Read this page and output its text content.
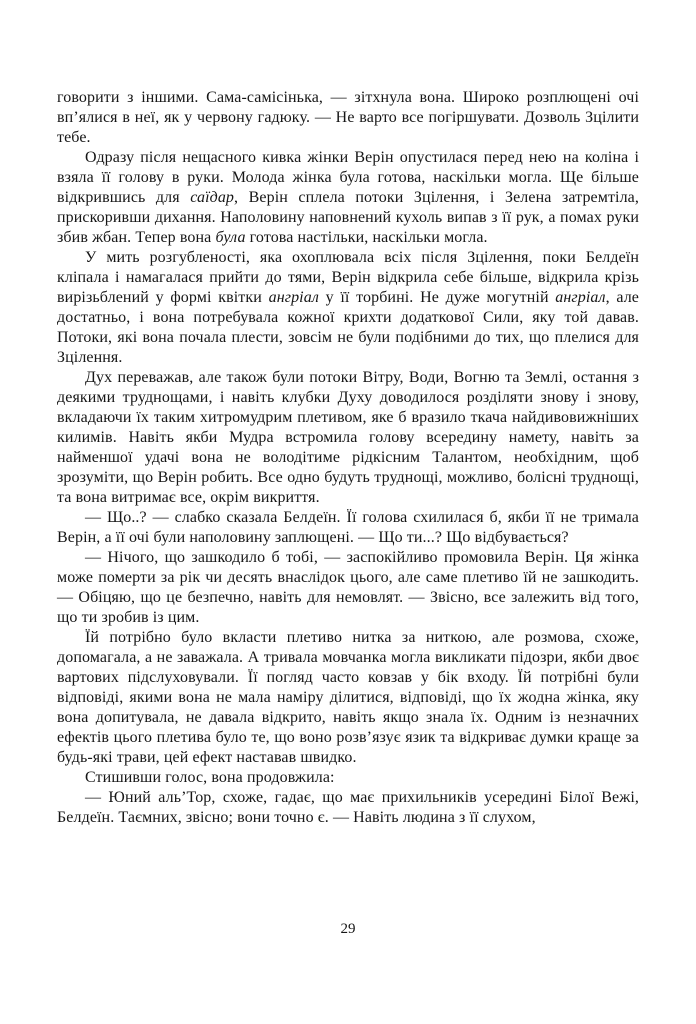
говорити з іншими. Сама-самісінька, — зітхнула вона. Широко розплющені очі вп’ялися в неї, як у червону гадюку. — Не варто все погіршувати. Дозволь Зцілити тебе.

Одразу після нещасного кивка жінки Верін опустилася перед нею на коліна і взяла її голову в руки. Молода жінка була готова, наскільки могла. Ще більше відкрившись для саїдар, Верін сплела потоки Зцілення, і Зелена затремтіла, прискоривши дихання. Наполовину наповнений кухоль випав з її рук, а помах руки збив жбан. Тепер вона була готова настільки, наскільки могла.

У мить розгубленості, яка охоплювала всіх після Зцілення, поки Белдеїн кліпала і намагалася прийти до тями, Верін відкрила себе більше, відкрила крізь вирізьблений у формі квітки ангріал у її торбині. Не дуже могутній ангріал, але достатньо, і вона потребувала кожної крихти додаткової Сили, яку той давав. Потоки, які вона почала плести, зовсім не були подібними до тих, що плелися для Зцілення.

Дух переважав, але також були потоки Вітру, Води, Вогню та Землі, остання з деякими труднощами, і навіть клубки Духу доводилося розділяти знову і знову, вкладаючи їх таким хитромудрим плетивом, яке б вразило ткача найдивовижніших килимів. Навіть якби Мудра встромила голову всередину намету, навіть за найменшої удачі вона не володітиме рідкісним Талантом, необхідним, щоб зрозуміти, що Верін робить. Все одно будуть труднощі, можливо, болісні труднощі, та вона витримає все, окрім викриття.

— Що..? — слабко сказала Белдеїн. Її голова схилилася б, якби її не тримала Верін, а її очі були наполовину заплющені. — Що ти...? Що відбувається?

— Нічого, що зашкодило б тобі, — заспокійливо промовила Верін. Ця жінка може померти за рік чи десять внаслідок цього, але саме плетиво їй не зашкодить. — Обіцяю, що це безпечно, навіть для немовлят. — Звісно, все залежить від того, що ти зробив із цим.

Їй потрібно було вкласти плетиво нитка за ниткою, але розмова, схоже, допомагала, а не заважала. А тривала мовчанка могла викликати підозри, якби двоє вартових підслуховували. Її погляд часто ковзав у бік входу. Їй потрібні були відповіді, якими вона не мала наміру ділитися, відповіді, що їх жодна жінка, яку вона допитувала, не давала відкрито, навіть якщо знала їх. Одним із незначних ефектів цього плетива було те, що воно розв’язує язик та відкриває думки краще за будь-які трави, цей ефект наставав швидко.

Стишивши голос, вона продовжила:

— Юний аль’Тор, схоже, гадає, що має прихильників усередині Білої Вежі, Белдеїн. Таємних, звісно; вони точно є. — Навіть людина з її слухом,

29
